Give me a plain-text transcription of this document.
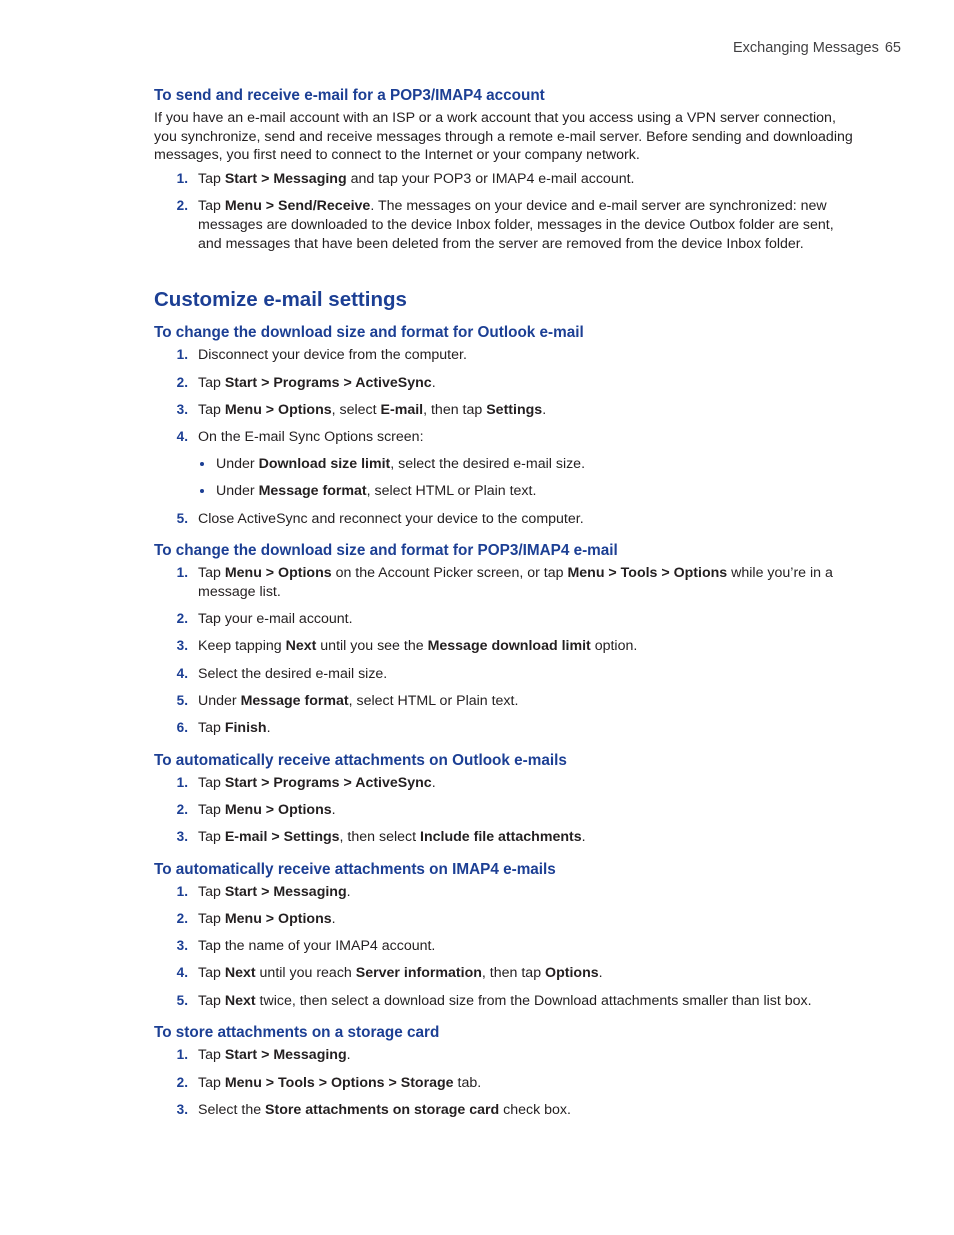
Exchanging Messages 65
To send and receive e-mail for a POP3/IMAP4 account

If you have an e-mail account with an ISP or a work account that you access using a VPN server connection, you synchronize, send and receive messages through a remote e-mail server. Before sending and downloading messages, you first need to connect to the Internet or your company network.

1. Tap Start > Messaging and tap your POP3 or IMAP4 e-mail account.
2. Tap Menu > Send/Receive. The messages on your device and e-mail server are synchronized: new messages are downloaded to the device Inbox folder, messages in the device Outbox folder are sent, and messages that have been deleted from the server are removed from the device Inbox folder.
Customize e-mail settings
To change the download size and format for Outlook e-mail
1. Disconnect your device from the computer.
2. Tap Start > Programs > ActiveSync.
3. Tap Menu > Options, select E-mail, then tap Settings.
4. On the E-mail Sync Options screen:
Under Download size limit, select the desired e-mail size.
Under Message format, select HTML or Plain text.
5. Close ActiveSync and reconnect your device to the computer.
To change the download size and format for POP3/IMAP4 e-mail
1. Tap Menu > Options on the Account Picker screen, or tap Menu > Tools > Options while you’re in a message list.
2. Tap your e-mail account.
3. Keep tapping Next until you see the Message download limit option.
4. Select the desired e-mail size.
5. Under Message format, select HTML or Plain text.
6. Tap Finish.
To automatically receive attachments on Outlook e-mails
1. Tap Start > Programs > ActiveSync.
2. Tap Menu > Options.
3. Tap E-mail > Settings, then select Include file attachments.
To automatically receive attachments on IMAP4 e-mails
1. Tap Start > Messaging.
2. Tap Menu > Options.
3. Tap the name of your IMAP4 account.
4. Tap Next until you reach Server information, then tap Options.
5. Tap Next twice, then select a download size from the Download attachments smaller than list box.
To store attachments on a storage card
1. Tap Start > Messaging.
2. Tap Menu > Tools > Options > Storage tab.
3. Select the Store attachments on storage card check box.
